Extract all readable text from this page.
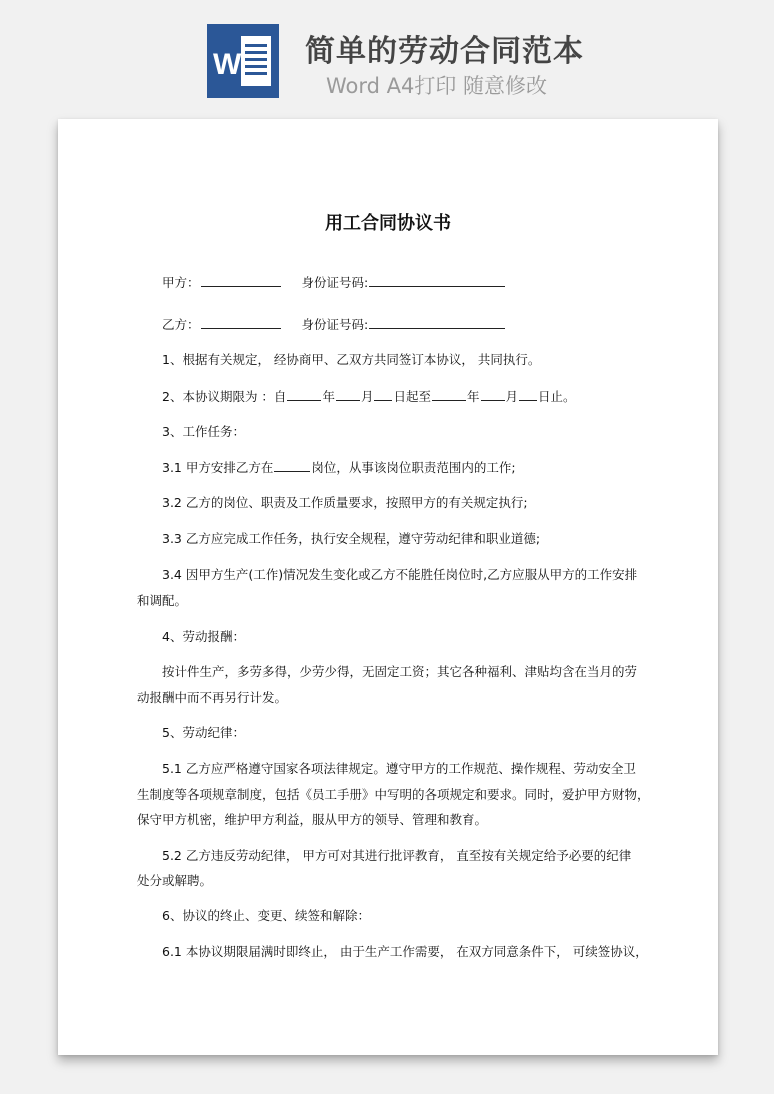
W 简单的劳动合同范本
Word A4打印 随意修改
用工合同协议书
甲方：	身份证号码:
乙方：	身份证号码:
1、根据有关规定， 经协商甲、乙双方共同签订本协议， 共同执行。
2、本协议期限为 ：自	年 月 日起至	年 月 日止。
3、工作任务：
3.1 甲方安排乙方在	岗位，从事该岗位职责范围内的工作;
3.2 乙方的岗位、职责及工作质量要求，按照甲方的有关规定执行;
3.3 乙方应完成工作任务，执行安全规程，遵守劳动纪律和职业道德;
3.4 因甲方生产(工作)情况发生变化或乙方不能胜任岗位时,乙方应服从甲方的工作安排
和调配。
4、劳动报酬：
按计件生产，多劳多得，少劳少得，无固定工资；其它各种福利、津贴均含在当月的劳
动报酬中而不再另行计发。
5、劳动纪律：
5.1 乙方应严格遵守国家各项法律规定。遵守甲方的工作规范、操作规程、劳动安全卫
生制度等各项规章制度，包括《员工手册》中写明的各项规定和要求。同时，爱护甲方财物，
保守甲方机密，维护甲方利益，服从甲方的领导、管理和教育。
5.2 乙方违反劳动纪律， 甲方可对其进行批评教育， 直至按有关规定给予必要的纪律
处分或解聘。
6、协议的终止、变更、续签和解除：
6.1 本协议期限届满时即终止， 由于生产工作需要， 在双方同意条件下， 可续签协议，
